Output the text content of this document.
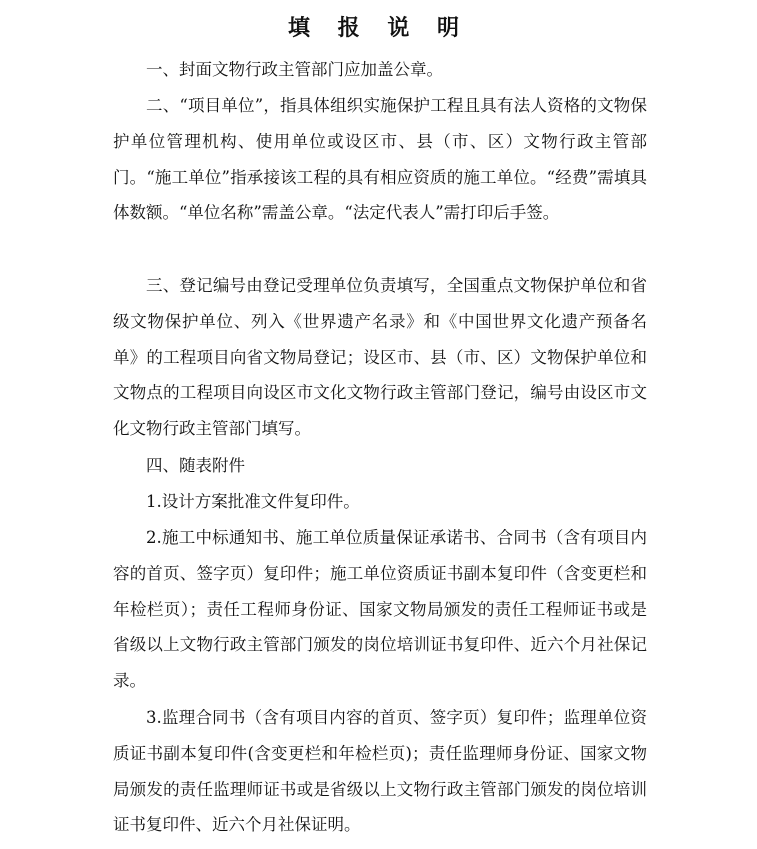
填 报 说 明

一、封面文物行政主管部门应加盖公章。

二、“项目单位”，指具体组织实施保护工程且具有法人资格的文物保护单位管理机构、使用单位或设区市、县（市、区）文物行政主管部门。“施工单位”指承接该工程的具有相应资质的施工单位。“经费”需填具体数额。“单位名称”需盖公章。“法定代表人”需打印后手签。

三、登记编号由登记受理单位负责填写，全国重点文物保护单位和省级文物保护单位、列入《世界遗产名录》和《中国世界文化遗产预备名单》的工程项目向省文物局登记；设区市、县（市、区）文物保护单位和文物点的工程项目向设区市文化文物行政主管部门登记，编号由设区市文化文物行政主管部门填写。

四、随表附件

1.设计方案批准文件复印件。

2.施工中标通知书、施工单位质量保证承诺书、合同书（含有项目内容的首页、签字页）复印件；施工单位资质证书副本复印件（含变更栏和年检栏页）；责任工程师身份证、国家文物局颁发的责任工程师证书或是省级以上文物行政主管部门颁发的岗位培训证书复印件、近六个月社保记录。

3.监理合同书（含有项目内容的首页、签字页）复印件；监理单位资质证书副本复印件(含变更栏和年检栏页)；责任监理师身份证、国家文物局颁发的责任监理师证书或是省级以上文物行政主管部门颁发的岗位培训证书复印件、近六个月社保证明。
